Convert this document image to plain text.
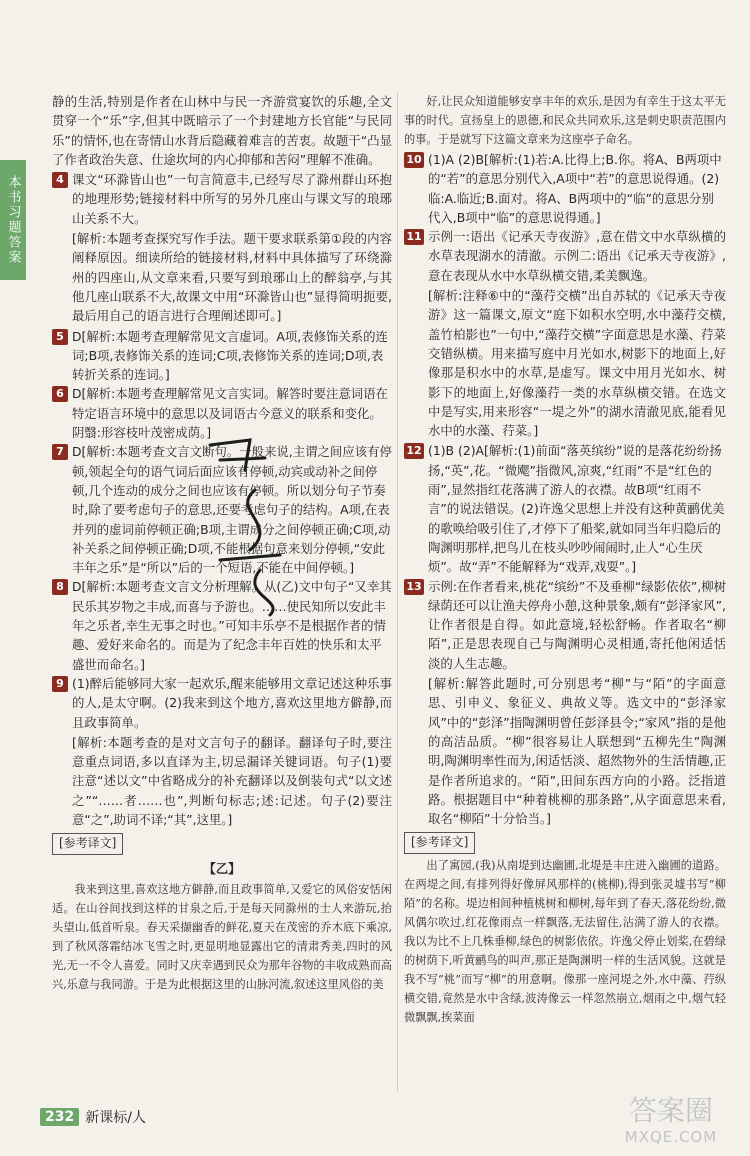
本书习题答案

静的生活,特别是作者在山林中与民一齐游赏宴饮的乐趣,全文贯穿一个“乐”字,但其中既暗示了一个封建地方长官能“与民同乐”的情怀,也在寄情山水背后隐藏着难言的苦衷。故题干“凸显了作者政治失意、仕途坎坷的内心抑郁和苦闷”理解不准确。

4 课文“环滁皆山也”一句言简意丰,已经写尽了滁州群山环抱的地理形势;链接材料中所写的另外几座山与课文写的琅琊山关系不大。

[解析:本题考查探究写作手法。题干要求联系第①段的内容阐释原因。细读所给的链接材料,材料中具体描写了环绕滁州的四座山,从文章来看,只要写到琅琊山上的醉翁亭,与其他几座山联系不大,故课文中用“环滁皆山也”显得简明扼要,最后用自己的语言进行合理阐述即可。]

5 D[解析:本题考查理解常见文言虚词。A项,表修饰关系的连词;B项,表修饰关系的连词;C项,表修饰关系的连词;D项,表转折关系的连词。]
6 D[解析:本题考查理解常见文言实词。解答时要注意词语在特定语言环境中的意思以及词语古今意义的联系和变化。阴翳:形容枝叶茂密成荫。]
7 D[解析:本题考查文言文断句。一般来说,主谓之间应该有停顿,领起全句的语气词后面应该有停顿,动宾或动补之间停顿,几个连动的成分之间也应该有停顿。所以划分句子节奏时,除了要考虑句子的意思,还要考虑句子的结构。A项,在表并列的虚词前停顿正确;B项,主谓成分之间停顿正确;C项,动补关系之间停顿正确;D项,不能根据句意来划分停顿,“安此丰年之乐”是“所以”后的一个短语,不能在中间停顿。]
8 D[解析:本题考查文言文分析理解。从(乙)文中句子“又幸其民乐其岁物之丰成,而喜与予游也。……使民知所以安此丰年之乐者,幸生无事之时也。”可知丰乐亭不是根据作者的情趣、爱好来命名的。而是为了纪念丰年百姓的快乐和太平盛世而命名。]
9 (1)醉后能够同大家一起欢乐,醒来能够用文章记述这种乐事的人,是太守啊。(2)我来到这个地方,喜欢这里地方僻静,而且政事简单。

[解析:本题考查的是对文言句子的翻译。翻译句子时,要注意重点词语,多以直译为主,切忌漏译关键词语。句子(1)要注意“述以文”中省略成分的补充翻译以及倒装句式“以文述之”“……者……也”,判断句标志;述:记述。句子(2)要注意“之”,助词不译;“其”,这里。]

[参考译文]
【乙】

我来到这里,喜欢这地方僻静,而且政事简单,又爱它的风俗安恬闲适。在山谷间找到这样的甘泉之后,于是每天同滁州的士人来游玩,抬头望山,低首听泉。春天采撷幽香的鲜花,夏天在茂密的乔木底下乘凉,到了秋风落霜结冰飞雪之时,更显明地显露出它的清肃秀美,四时的风光,无一不令人喜爱。同时又庆幸遇到民众为那年谷物的丰收成熟而高兴,乐意与我同游。于是为此根据这里的山脉河流,叙述这里风俗的美

好,让民众知道能够安享丰年的欢乐,是因为有幸生于这太平无事的时代。宣扬皇上的恩德,和民众共同欢乐,这是刺史职责范围内的事。于是就写下这篇文章来为这座亭子命名。

10 (1)A (2)B[解析:(1)若:A.比得上;B.你。将A、B两项中的“若”的意思分别代入,A项中“若”的意思说得通。(2)临:A.临近;B.面对。将A、B两项中的“临”的意思分别代入,B项中“临”的意思说得通。]
11 示例一:语出《记承天寺夜游》,意在借文中水草纵横的水草表现湖水的清澈。示例二:语出《记承天寺夜游》,意在表现从水中水草纵横交错,柔美飘逸。

[解析:注释⑥中的“藻荇交横”出自苏轼的《记承天寺夜游》这一篇课文,原文“庭下如积水空明,水中藻荇交横,盖竹柏影也”一句中,“藻荇交横”字面意思是水藻、荇菜交错纵横。用来描写庭中月光如水,树影下的地面上,好像那是积水中的水草,是虚写。课文中用月光如水、树影下的地面上,好像藻荇一类的水草纵横交错。在选文中是写实,用来形容“一堤之外”的湖水清澈见底,能看见水中的水藻、荇菜。]

12 (1)B (2)A[解析:(1)前面“落英缤纷”说的是落花纷纷扬扬,“英”,花。“微飔”指微风,凉爽,“红雨”不是“红色的雨”,显然指红花落满了游人的衣襟。故B项“红雨不言”的说法错误。(2)许逸父思想上并没有这种黄鹂优美的歌唤给吸引住了,才停下了船桨,就如同当年归隐后的陶渊明那样,把鸟儿在枝头吵吵闹闹时,止人“心生厌烦”。故“弄”不能解释为“戏弄,戏耍”。]
13 示例:在作者看来,桃花“缤纷”不及垂柳“绿影依依”,柳树绿荫还可以让渔夫停舟小憩,这种景象,颇有“彭泽家风”,让作者很是自得。如此意境,轻松舒畅。作者取名“柳陌”,正是思表现自己与陶渊明心灵相通,寄托他闲适恬淡的人生志趣。

[解析:解答此题时,可分别思考“柳”与“陌”的字面意思、引申义、象征义、典故义等。选文中的“彭泽家风”中的“彭泽”指陶渊明曾任彭泽县令;“家风”指的是他的高洁品质。“柳”很容易让人联想到“五柳先生”陶渊明,陶渊明率性而为,闲适恬淡、超然物外的生活情趣,正是作者所追求的。“陌”,田间东西方向的小路。泛指道路。根据题目中“种着桃柳的那条路”,从字面意思来看,取名“柳陌”十分恰当。]

[参考译文]

出了寓园,(我)从南堤到达幽圃,北堤是丰庄进入幽圃的道路。在两堤之间,有排列得好像屏风那样的(桃柳),得到张灵墟书写“柳陌”的名称。堤边相间种植桃树和柳树,每年到了春天,落花纷纷,微风偶尔吹过,红花像雨点一样飘落,无法留住,沾满了游人的衣襟。我以为比不上几株垂柳,绿色的树影依依。许逸父停止划桨,在碧绿的树荫下,听黄鹂鸟的叫声,那正是陶渊明一样的生活风貌。这就是我不写“桃”而写“柳”的用意啊。像那一座河堤之外,水中藻、荇纵横交错,竟然是水中含绿,波涛像云一样忽然崩立,烟雨之中,烟气轻微飘飘,挨菜面

232 新课标/人	答案圈
MXQE.COM
